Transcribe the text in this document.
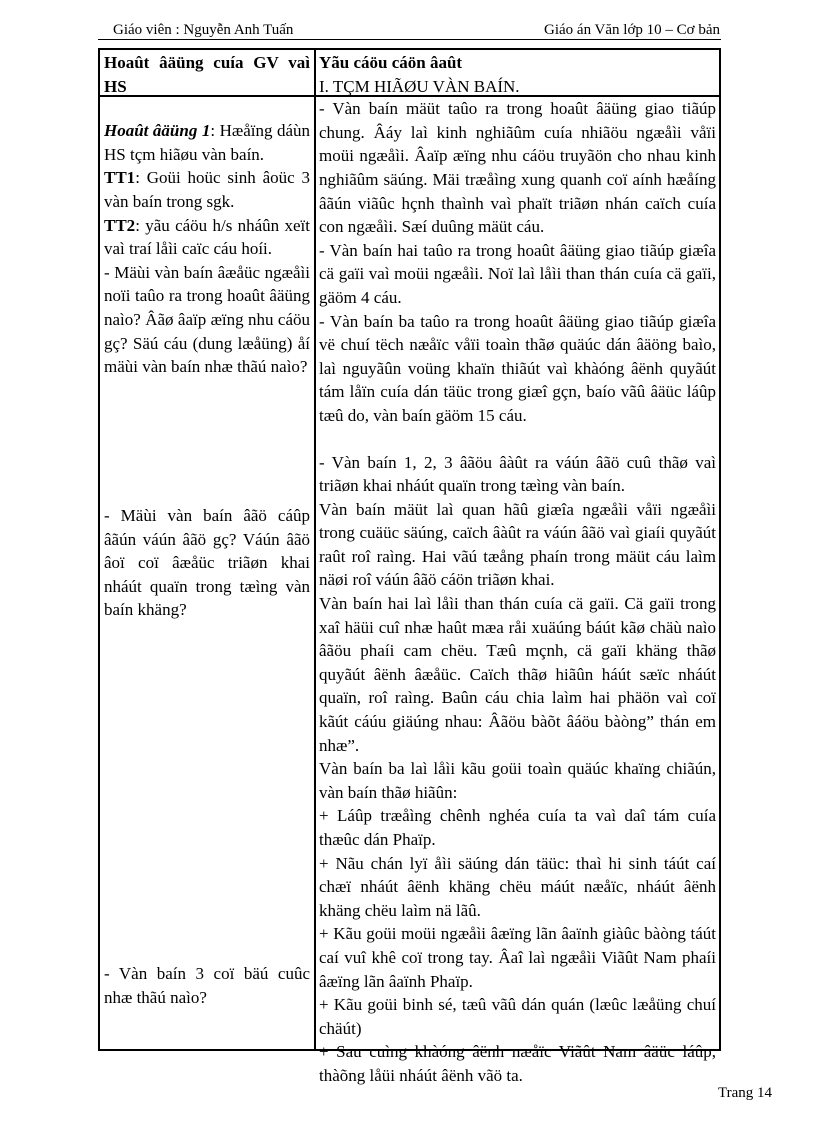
Giáo viên : Nguyễn Anh Tuấn	Giáo án Văn lớp 10 – Cơ bản

Hoaût âäüng cuía GV vaì HS

Hoaût âäüng 1: Hæåïng dáùn HS tçm hiãøu vàn baín.

TT1: Goüi hoüc sinh âoüc 3 vàn baín trong sgk.

TT2: yãu cáöu h/s nháûn xeït vaì traí låìi caïc cáu hoíi.

- Mäùi vàn baín âæåüc ngæåìi noïi taûo ra trong hoaût âäüng naìo? Âãø âaïp æïng nhu cáöu gç? Säú cáu (dung læåüng) åí mäùi vàn baín nhæ thãú naìo?

- Mäùi vàn baín âãö cáûp âãún váún âãö gç? Váún âãö âoï coï âæåüc triãøn khai nháút quaïn trong tæìng vàn baín khäng?

- Vàn baín 3 coï bäú cuûc nhæ thãú naìo?

Yãu cáöu cáön âaût

I. TÇM HIÃØU VÀN BAÍN.

- Vàn baín mäüt taûo ra trong hoaût âäüng giao tiãúp chung. Âáy laì kinh nghiãûm cuía nhiãöu ngæåìi våïi moüi ngæåìi. Âaïp æïng nhu cáöu truyãön cho nhau kinh nghiãûm säúng. Mäi træåìng xung quanh coï aính hæåíng âãún viãûc hçnh thaình vaì phaït triãøn nhán caïch cuía con ngæåìi. Sæí duûng mäüt cáu.

- Vàn baín hai taûo ra trong hoaût âäüng giao tiãúp giæîa cä gaïi vaì moüi ngæåìi. Noï laì låìi than thán cuía cä gaïi, gäöm 4 cáu.

- Vàn baín ba taûo ra trong hoaût âäüng giao tiãúp giæîa vë chuí tëch næåïc våïi toaìn thãø quäúc dán âäöng baìo, laì nguyãûn voüng khaïn thiãút vaì khàóng âënh quyãút tám låïn cuía dán täüc trong giæî gçn, baío vãû âäüc láûp tæû do, vàn baín gäöm 15 cáu.

- Vàn baín 1, 2, 3 âãöu âàût ra váún âãö cuû thãø vaì triãøn khai nháút quaïn trong tæìng vàn baín.

Vàn baín mäüt laì quan hãû giæîa ngæåìi våïi ngæåìi trong cuäüc säúng, caïch âàût ra váún âãö vaì giaíi quyãút raût roî raìng. Hai vãú tæång phaín trong mäüt cáu laìm näøi roî váún âãö cáön triãøn khai.

Vàn baín hai laì låìi than thán cuía cä gaïi. Cä gaïi trong xaî häüi cuî nhæ haût mæa råi xuäúng báút kãø chäù naìo âãöu phaíi cam chëu. Tæû mçnh, cä gaïi khäng thãø quyãút âënh âæåüc. Caïch thãø hiãûn háút sæïc nháút quaïn, roî raìng. Baûn cáu chia laìm hai phäön vaì coï kãút cáúu giäúng nhau: Âãöu bàõt âáöu bàòng” thán em nhæ”.

Vàn baín ba laì låìi kãu goüi toaìn quäúc khaïng chiãún, vàn baín thãø hiãûn:

+ Láûp træåìng chênh nghéa cuía ta vaì daî tám cuía thæûc dán Phaïp.

+ Nãu chán lyï åìi säúng dán täüc: thaì hi sinh táút caí chæï nháút âënh khäng chëu máút næåïc, nháút âënh khäng chëu laìm nä lãû.

+ Kãu goüi moüi ngæåìi âæïng lãn âaïnh giàûc bàòng táút caí vuî khê coï trong tay. Âaî laì ngæåìi Viãût Nam phaíi âæïng lãn âaïnh Phaïp.

+ Kãu goüi binh sé, tæû vãû dán quán (læûc læåüng chuí chäút)

+ Sau cuìng khàóng âënh næåïc Viãût Nam âäüc láûp, thàõng låüi nháút âënh vãö ta.

Trang 14
